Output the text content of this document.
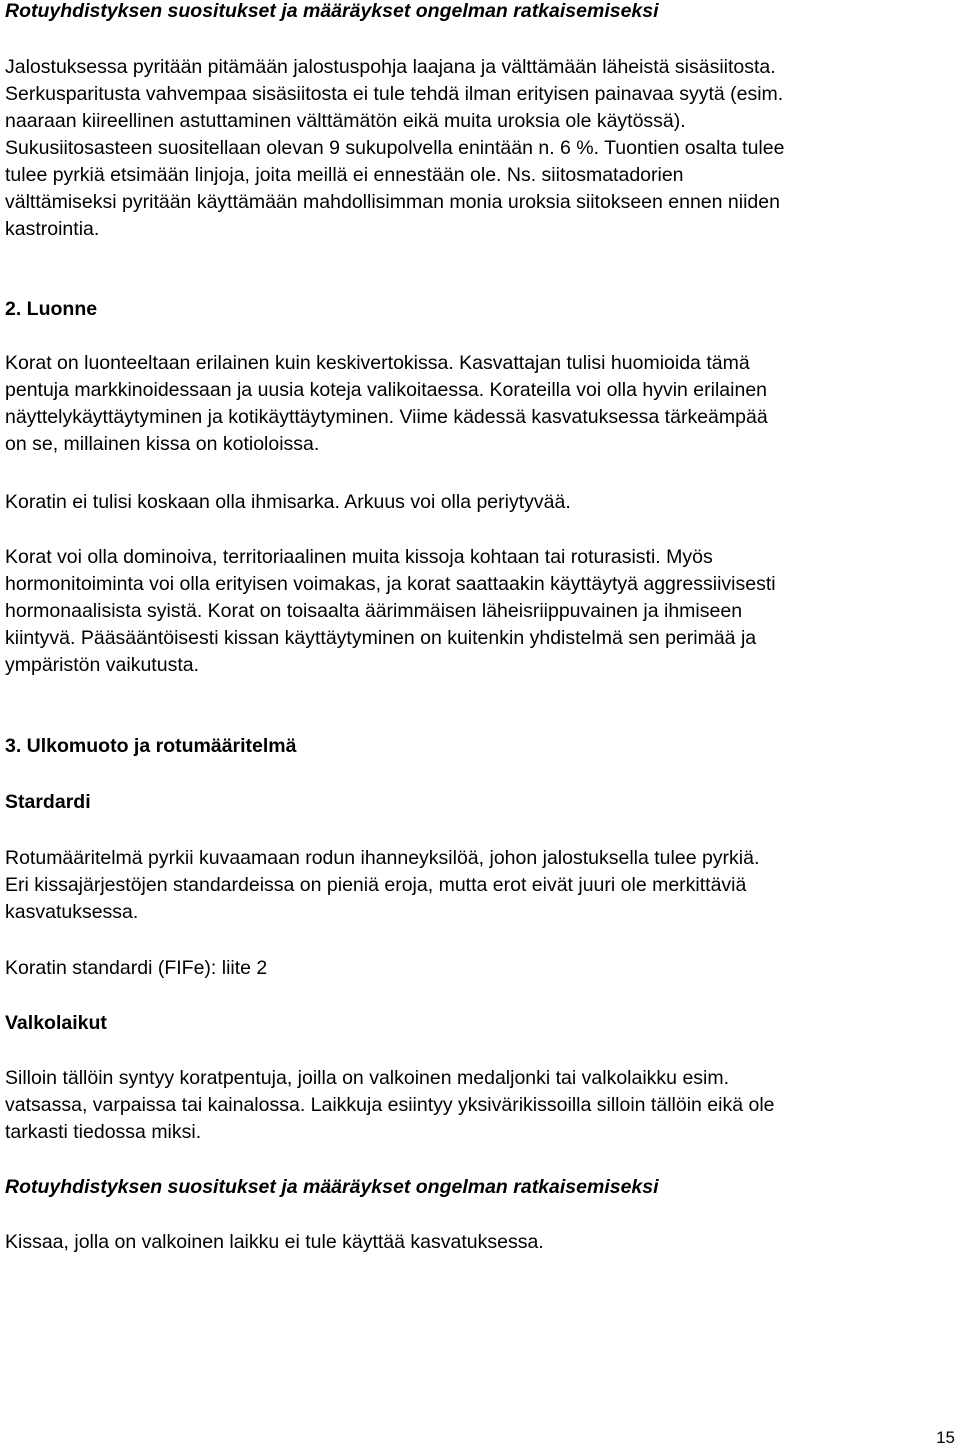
Rotuyhdistyksen suositukset ja määräykset ongelman ratkaisemiseksi
Jalostuksessa pyritään pitämään jalostuspohja laajana ja välttämään läheistä sisäsiitosta.
Serkusparitusta vahvempaa sisäsiitosta ei tule tehdä ilman erityisen painavaa syytä (esim.
naaraan kiireellinen astuttaminen välttämätön eikä muita uroksia ole käytössä).
Sukusiitosasteen suositellaan olevan 9 sukupolvella enintään n. 6 %. Tuontien osalta tulee
tulee pyrkiä etsimään linjoja, joita meillä ei ennestään ole. Ns. siitosmatadorien
välttämiseksi pyritään käyttämään mahdollisimman monia uroksia siitokseen ennen niiden
kastrointia.
2. Luonne
Korat on luonteeltaan erilainen kuin keskivertokissa. Kasvattajan tulisi huomioida tämä
pentuja markkinoidessaan ja uusia koteja valikoitaessa. Korateilla voi olla hyvin erilainen
näyttelykäyttäytyminen ja kotikäyttäytyminen. Viime kädessä kasvatuksessa tärkeämpää
on se, millainen kissa on kotioloissa.
Koratin ei tulisi koskaan olla ihmisarka. Arkuus voi olla periytyvää.
Korat voi olla dominoiva, territoriaalinen muita kissoja kohtaan tai roturasisti. Myös
hormonitoiminta voi olla erityisen voimakas, ja korat saattaakin käyttäytyä aggressiivisesti
hormonaalisista syistä. Korat on toisaalta äärimmäisen läheisriippuvainen ja ihmiseen
kiintyvä. Pääsääntöisesti kissan käyttäytyminen on kuitenkin yhdistelmä sen perimää ja
ympäristön vaikutusta.
3. Ulkomuoto ja rotumääritelmä
Stardardi
Rotumääritelmä pyrkii kuvaamaan rodun ihanneyksilöä, johon jalostuksella tulee pyrkiä.
Eri kissajärjestöjen standardeissa on pieniä eroja, mutta erot eivät juuri ole merkittäviä
kasvatuksessa.
Koratin standardi (FIFe): liite 2
Valkolaikut
Silloin tällöin syntyy koratpentuja, joilla on valkoinen medaljonki tai valkolaikku esim.
vatsassa, varpaissa tai kainalossa. Laikkuja esiintyy yksivärikissoilla silloin tällöin eikä ole
tarkasti tiedossa miksi.
Rotuyhdistyksen suositukset ja määräykset ongelman ratkaisemiseksi
Kissaa, jolla on valkoinen laikku ei tule käyttää kasvatuksessa.
15
